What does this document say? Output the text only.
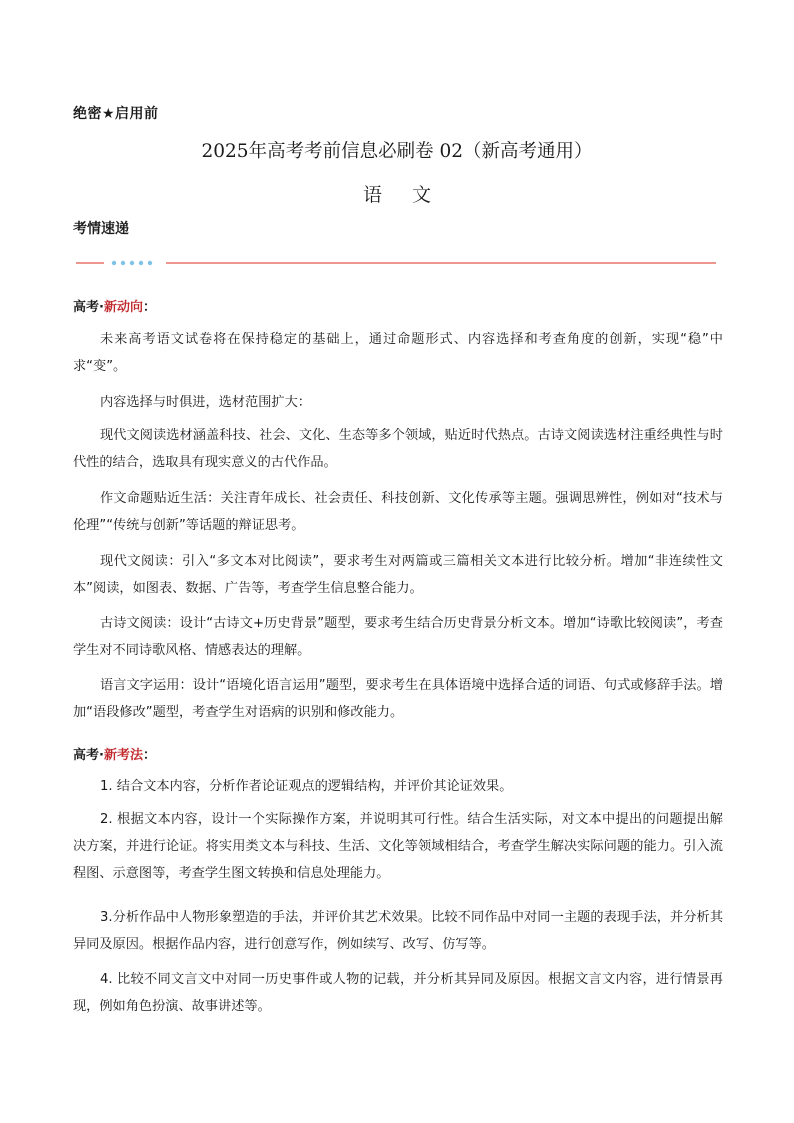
绝密★启用前
2025年高考考前信息必刷卷 02（新高考通用）
语 文
考情速递
高考·新动向：

未来高考语文试卷将在保持稳定的基础上，通过命题形式、内容选择和考查角度的创新，实现“稳”中求“变”。

内容选择与时俱进，选材范围扩大：

现代文阅读选材涵盖科技、社会、文化、生态等多个领域，贴近时代热点。古诗文阅读选材注重经典性与时代性的结合，选取具有现实意义的古代作品。

作文命题贴近生活：关注青年成长、社会责任、科技创新、文化传承等主题。强调思辨性，例如对“技术与伦理”“传统与创新”等话题的辩证思考。

现代文阅读：引入“多文本对比阅读”，要求考生对两篇或三篇相关文本进行比较分析。增加“非连续性文本”阅读，如图表、数据、广告等，考查学生信息整合能力。

古诗文阅读：设计“古诗文+历史背景”题型，要求考生结合历史背景分析文本。增加“诗歌比较阅读”，考查学生对不同诗歌风格、情感表达的理解。

语言文字运用：设计“语境化语言运用”题型，要求考生在具体语境中选择合适的词语、句式或修辞手法。增加“语段修改”题型，考查学生对语病的识别和修改能力。

高考·新考法：

1. 结合文本内容，分析作者论证观点的逻辑结构，并评价其论证效果。

2. 根据文本内容，设计一个实际操作方案，并说明其可行性。结合生活实际，对文本中提出的问题提出解决方案，并进行论证。将实用类文本与科技、生活、文化等领域相结合，考查学生解决实际问题的能力。引入流程图、示意图等，考查学生图文转换和信息处理能力。

3.分析作品中人物形象塑造的手法，并评价其艺术效果。比较不同作品中对同一主题的表现手法，并分析其异同及原因。根据作品内容，进行创意写作，例如续写、改写、仿写等。

4. 比较不同文言文中对同一历史事件或人物的记载，并分析其异同及原因。根据文言文内容，进行情景再现，例如角色扮演、故事讲述等。
